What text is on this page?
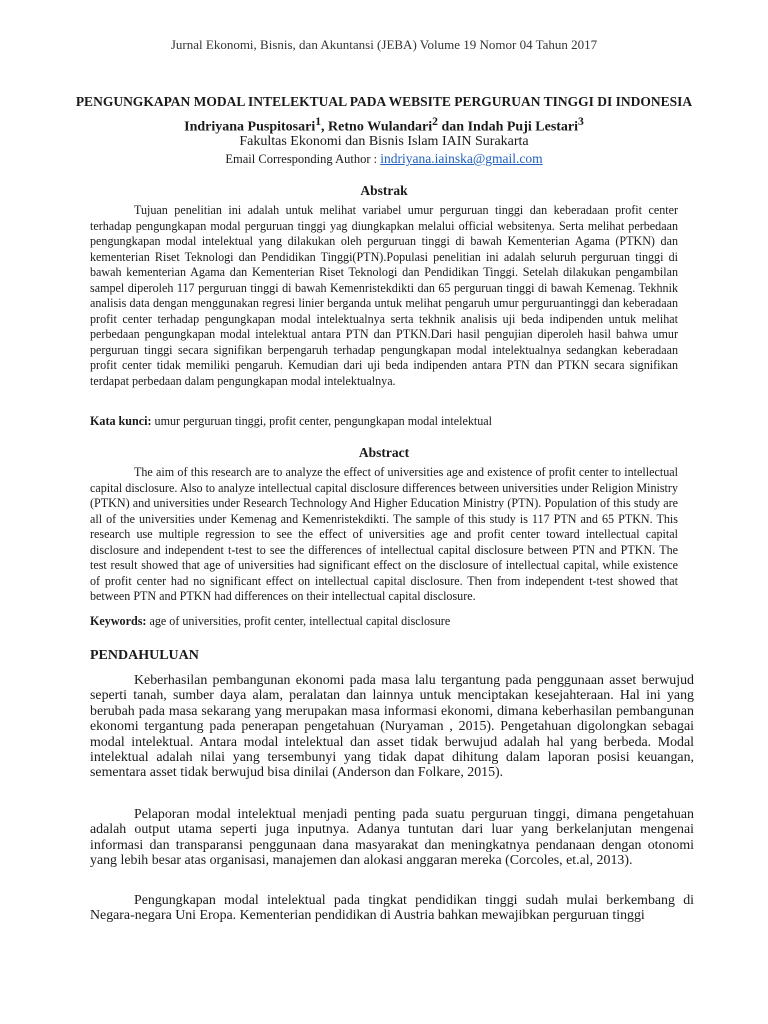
Jurnal Ekonomi, Bisnis, dan Akuntansi (JEBA) Volume 19 Nomor 04 Tahun 2017
PENGUNGKAPAN MODAL INTELEKTUAL PADA WEBSITE PERGURUAN TINGGI DI INDONESIA
Indriyana Puspitosari$^1$, Retno Wulandari$^2$ dan Indah Puji Lestari$^3$
Fakultas Ekonomi dan Bisnis Islam IAIN Surakarta
Email Corresponding Author : indriyana.iainska@gmail.com
Abstrak

Tujuan penelitian ini adalah untuk melihat variabel umur perguruan tinggi dan keberadaan profit center terhadap pengungkapan modal perguruan tinggi yag diungkapkan melalui official websitenya. Serta melihat perbedaan pengungkapan modal intelektual yang dilakukan oleh perguruan tinggi di bawah Kementerian Agama (PTKN) dan kementerian Riset Teknologi dan Pendidikan Tinggi(PTN).Populasi penelitian ini adalah seluruh perguruan tinggi di bawah kementerian Agama dan Kementerian Riset Teknologi dan Pendidikan Tinggi. Setelah dilakukan pengambilan sampel diperoleh 117 perguruan tinggi di bawah Kemenristekdikti dan 65 perguruan tinggi di bawah Kemenag. Tekhnik analisis data dengan menggunakan regresi linier berganda untuk melihat pengaruh umur perguruantinggi dan keberadaan profit center terhadap pengungkapan modal intelektualnya serta tekhnik analisis uji beda indipenden untuk melihat perbedaan pengungkapan modal intelektual antara PTN dan PTKN.Dari hasil pengujian diperoleh hasil bahwa umur perguruan tinggi secara signifikan berpengaruh terhadap pengungkapan modal intelektualnya sedangkan keberadaan profit center tidak memiliki pengaruh. Kemudian dari uji beda indipenden antara PTN dan PTKN secara signifikan terdapat perbedaan dalam pengungkapan modal intelektualnya.

Kata kunci: umur perguruan tinggi, profit center, pengungkapan modal intelektual

Abstract

The aim of this research are to analyze the effect of universities age and existence of profit center to intellectual capital disclosure. Also to analyze intellectual capital disclosure differences between universities under Religion Ministry (PTKN) and universities under Research Technology And Higher Education Ministry (PTN). Population of this study are all of the universities under Kemenag and Kemenristekdikti. The sample of this study is 117 PTN and 65 PTKN. This research use multiple regression to see the effect of universities age and profit center toward intellectual capital disclosure and independent t-test to see the differences of intellectual capital disclosure between PTN and PTKN. The test result showed that age of universities had significant effect on the disclosure of intellectual capital, while existence of profit center had no significant effect on intellectual capital disclosure. Then from independent t-test showed that between PTN and PTKN had differences on their intellectual capital disclosure.

Keywords: age of universities, profit center, intellectual capital disclosure

PENDAHULUAN

Keberhasilan pembangunan ekonomi pada masa lalu tergantung pada penggunaan asset berwujud seperti tanah, sumber daya alam, peralatan dan lainnya untuk menciptakan kesejahteraan. Hal ini yang berubah pada masa sekarang yang merupakan masa informasi ekonomi, dimana keberhasilan pembangunan ekonomi tergantung pada penerapan pengetahuan (Nuryaman , 2015). Pengetahuan digolongkan sebagai modal intelektual. Antara modal intelektual dan asset tidak berwujud adalah hal yang berbeda. Modal intelektual adalah nilai yang tersembunyi yang tidak dapat dihitung dalam laporan posisi keuangan, sementara asset tidak berwujud bisa dinilai (Anderson dan Folkare, 2015).

Pelaporan modal intelektual menjadi penting pada suatu perguruan tinggi, dimana pengetahuan adalah output utama seperti juga inputnya. Adanya tuntutan dari luar yang berkelanjutan mengenai informasi dan transparansi penggunaan dana masyarakat dan meningkatnya pendanaan dengan otonomi yang lebih besar atas organisasi, manajemen dan alokasi anggaran mereka (Corcoles, et.al, 2013).

Pengungkapan modal intelektual pada tingkat pendidikan tinggi sudah mulai berkembang di Negara-negara Uni Eropa. Kementerian pendidikan di Austria bahkan mewajibkan perguruan tinggi
